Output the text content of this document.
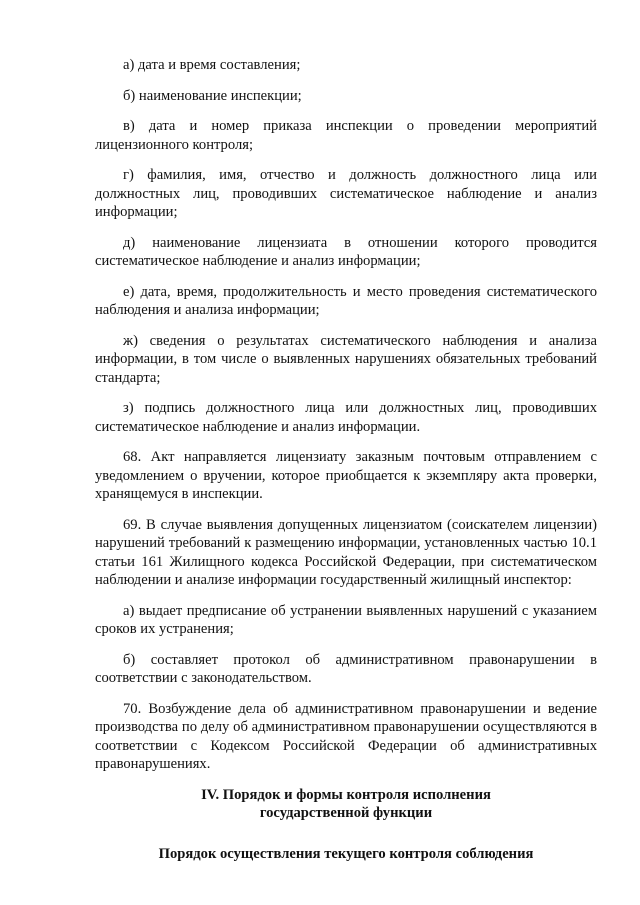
а) дата и время составления;

б) наименование инспекции;

в) дата и номер приказа инспекции о проведении мероприятий лицензионного контроля;

г) фамилия, имя, отчество и должность должностного лица или должностных лиц, проводивших систематическое наблюдение и анализ информации;

д) наименование лицензиата в отношении которого проводится систематическое наблюдение и анализ информации;

е) дата, время, продолжительность и место проведения систематического наблюдения и анализа информации;

ж) сведения о результатах систематического наблюдения и анализа информации, в том числе о выявленных нарушениях обязательных требований стандарта;

з) подпись должностного лица или должностных лиц, проводивших систематическое наблюдение и анализ информации.

68. Акт направляется лицензиату заказным почтовым отправлением с уведомлением о вручении, которое приобщается к экземпляру акта проверки, хранящемуся в инспекции.

69. В случае выявления допущенных лицензиатом (соискателем лицензии) нарушений требований к размещению информации, установленных частью 10.1 статьи 161 Жилищного кодекса Российской Федерации, при систематическом наблюдении и анализе информации государственный жилищный инспектор:

а) выдает предписание об устранении выявленных нарушений с указанием сроков их устранения;

б) составляет протокол об административном правонарушении в соответствии с законодательством.

70. Возбуждение дела об административном правонарушении и ведение производства по делу об административном правонарушении осуществляются в соответствии с Кодексом Российской Федерации об административных правонарушениях.

IV. Порядок и формы контроля исполнения
государственной функции
Порядок осуществления текущего контроля соблюдения
